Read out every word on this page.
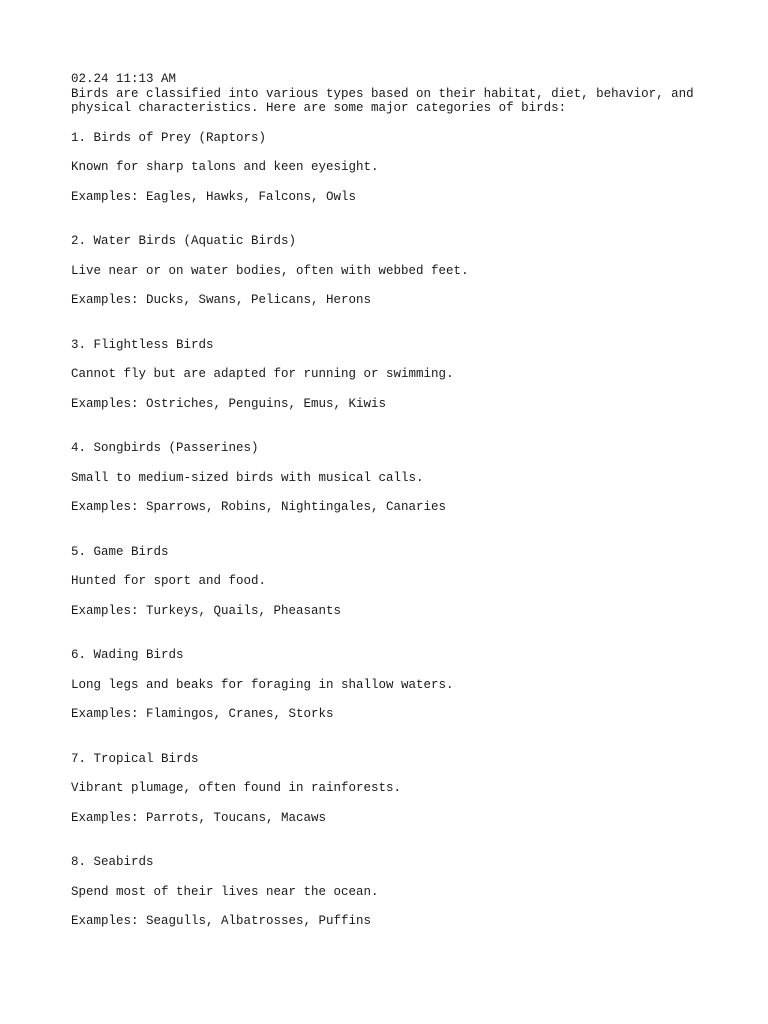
02.24 11:13 AM
Birds are classified into various types based on their habitat, diet, behavior, and
physical characteristics. Here are some major categories of birds:
1. Birds of Prey (Raptors)
Known for sharp talons and keen eyesight.
Examples: Eagles, Hawks, Falcons, Owls
2. Water Birds (Aquatic Birds)
Live near or on water bodies, often with webbed feet.
Examples: Ducks, Swans, Pelicans, Herons
3. Flightless Birds
Cannot fly but are adapted for running or swimming.
Examples: Ostriches, Penguins, Emus, Kiwis
4. Songbirds (Passerines)
Small to medium-sized birds with musical calls.
Examples: Sparrows, Robins, Nightingales, Canaries
5. Game Birds
Hunted for sport and food.
Examples: Turkeys, Quails, Pheasants
6. Wading Birds
Long legs and beaks for foraging in shallow waters.
Examples: Flamingos, Cranes, Storks
7. Tropical Birds
Vibrant plumage, often found in rainforests.
Examples: Parrots, Toucans, Macaws
8. Seabirds
Spend most of their lives near the ocean.
Examples: Seagulls, Albatrosses, Puffins
